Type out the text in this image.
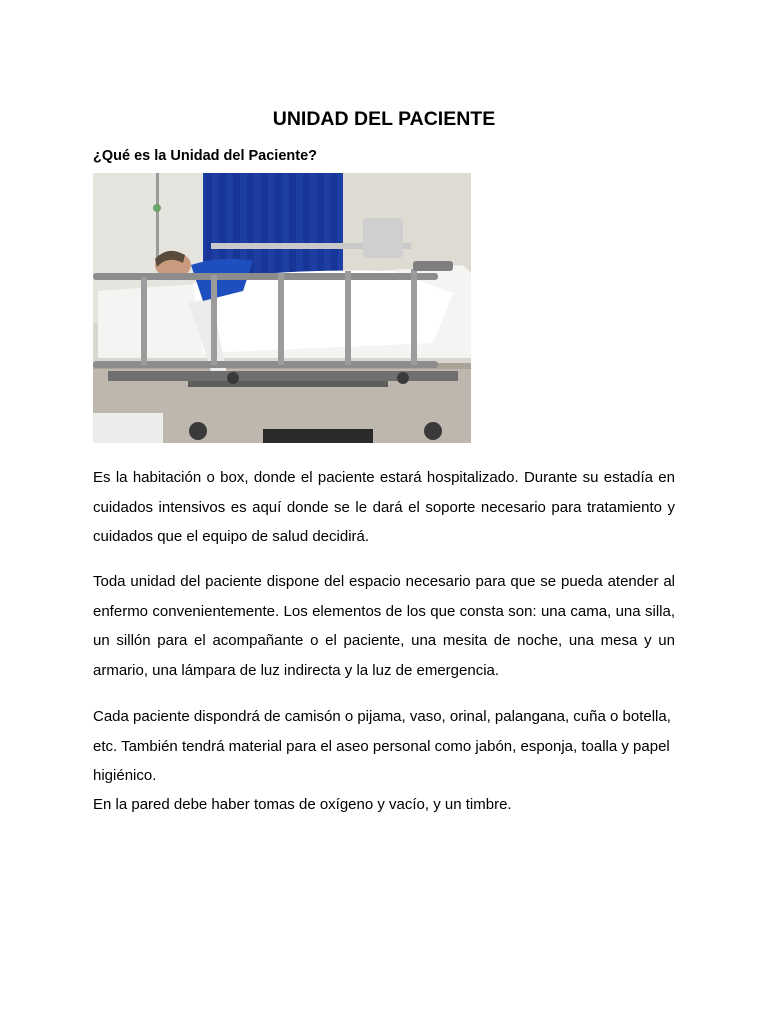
UNIDAD DEL PACIENTE
¿Qué es la Unidad del Paciente?

Es la habitación o box, donde el paciente estará hospitalizado. Durante su estadía en cuidados intensivos es aquí donde se le dará el soporte necesario para tratamiento y cuidados que el equipo de salud decidirá.

Toda unidad del paciente dispone del espacio necesario para que se pueda atender al enfermo convenientemente. Los elementos de los que consta son: una cama, una silla, un sillón para el acompañante o el paciente, una mesita de noche, una mesa y un armario, una lámpara de luz indirecta y la luz de emergencia.

Cada paciente dispondrá de camisón o pijama, vaso, orinal, palangana, cuña o botella, etc. También tendrá material para el aseo personal como jabón, esponja, toalla y papel higiénico.

En la pared debe haber tomas de oxígeno y vacío, y un timbre.
